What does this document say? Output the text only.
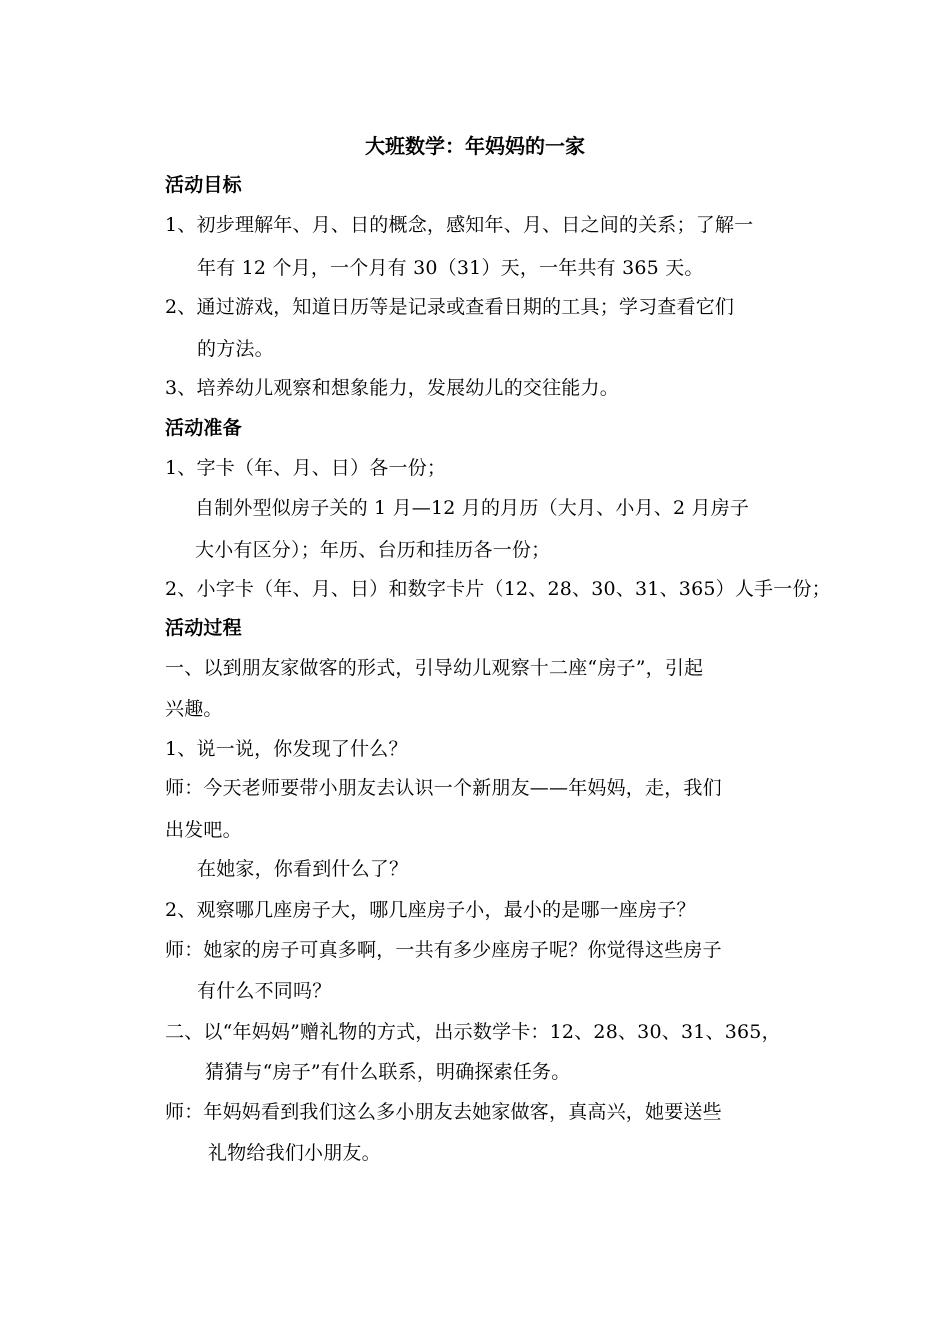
大班数学：年妈妈的一家
活动目标
1、初步理解年、月、日的概念，感知年、月、日之间的关系；了解一
年有 12 个月，一个月有 30（31）天，一年共有 365 天。
2、通过游戏，知道日历等是记录或查看日期的工具；学习查看它们
的方法。
3、培养幼儿观察和想象能力，发展幼儿的交往能力。
活动准备
1、字卡（年、月、日）各一份；
自制外型似房子关的 1 月—12 月的月历（大月、小月、2 月房子
大小有区分）；年历、台历和挂历各一份；
2、小字卡（年、月、日）和数字卡片（12、28、30、31、365）人手一份；
活动过程
一、以到朋友家做客的形式，引导幼儿观察十二座“房子”，引起
兴趣。
1、说一说，你发现了什么？
师：今天老师要带小朋友去认识一个新朋友——年妈妈，走，我们
出发吧。
在她家，你看到什么了？
2、观察哪几座房子大，哪几座房子小，最小的是哪一座房子？
师：她家的房子可真多啊，一共有多少座房子呢？你觉得这些房子
有什么不同吗？
二、以“年妈妈”赠礼物的方式，出示数学卡：12、28、30、31、365，
猜猜与“房子”有什么联系，明确探索任务。
师：年妈妈看到我们这么多小朋友去她家做客，真高兴，她要送些
礼物给我们小朋友。
